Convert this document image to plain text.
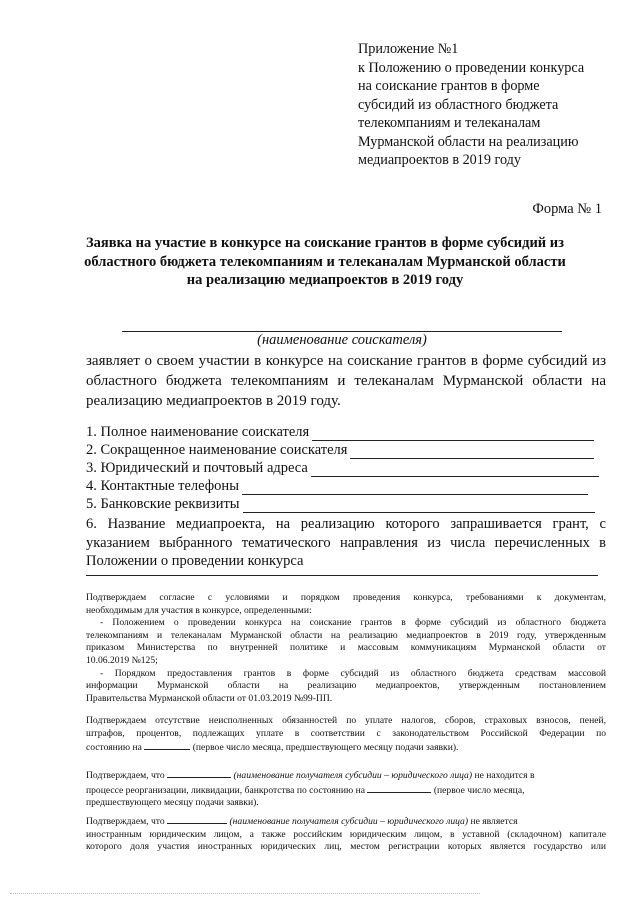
Приложение №1
к Положению о проведении конкурса
на соискание грантов в форме
субсидий из областного бюджета
телекомпаниям и телеканалам
Мурманской области на реализацию
медиапроектов в 2019 году
Форма № 1
Заявка на участие в конкурсе на соискание грантов в форме субсидий из
областного бюджета телекомпаниям и телеканалам Мурманской области
на реализацию медиапроектов в 2019 году
(наименование соискателя)
заявляет о своем участии в конкурсе на соискание грантов в форме субсидий из
областного бюджета телекомпаниям и телеканалам Мурманской области на
реализацию медиапроектов в 2019 году.
1. Полное наименование соискателя
2. Сокращенное наименование соискателя
3. Юридический и почтовый адреса
4. Контактные телефоны
5. Банковские реквизиты
6. Название медиапроекта, на реализацию которого запрашивается грант, с
указанием выбранного тематического направления из числа перечисленных в
Положении о проведении конкурса
Подтверждаем согласие с условиями и порядком проведения конкурса, требованиями к документам,
необходимым для участия в конкурсе, определенными:
- Положением о проведении конкурса на соискание грантов в форме субсидий из областного бюджета
телекомпаниям и телеканалам Мурманской области на реализацию медиапроектов в 2019 году, утвержденным
приказом Министерства по внутренней политике и массовым коммуникациям Мурманской области от
10.06.2019 №125;
- Порядком предоставления грантов в форме субсидий из областного бюджета средствам массовой
информации Мурманской области на реализацию медиапроектов, утвержденным постановлением
Правительства Мурманской области от 01.03.2019 №99-ПП.
Подтверждаем отсутствие неисполненных обязанностей по уплате налогов, сборов, страховых взносов, пеней,
штрафов, процентов, подлежащих уплате в соответствии с законодательством Российской Федерации по
состоянию на	(первое число месяца, предшествующего месяцу подачи заявки).
Подтверждаем, что	(наименование получателя субсидии – юридического лица) не находится в
процессе реорганизации, ликвидации, банкротства по состоянию на	(первое число месяца,
предшествующего месяцу подачи заявки).
Подтверждаем, что	(наименование получателя субсидии – юридического лица) не является
иностранным юридическим лицом, а также российским юридическим лицом, в уставной (складочном) капитале
которого доля участия иностранных юридических лиц, местом регистрации которых является государство или
